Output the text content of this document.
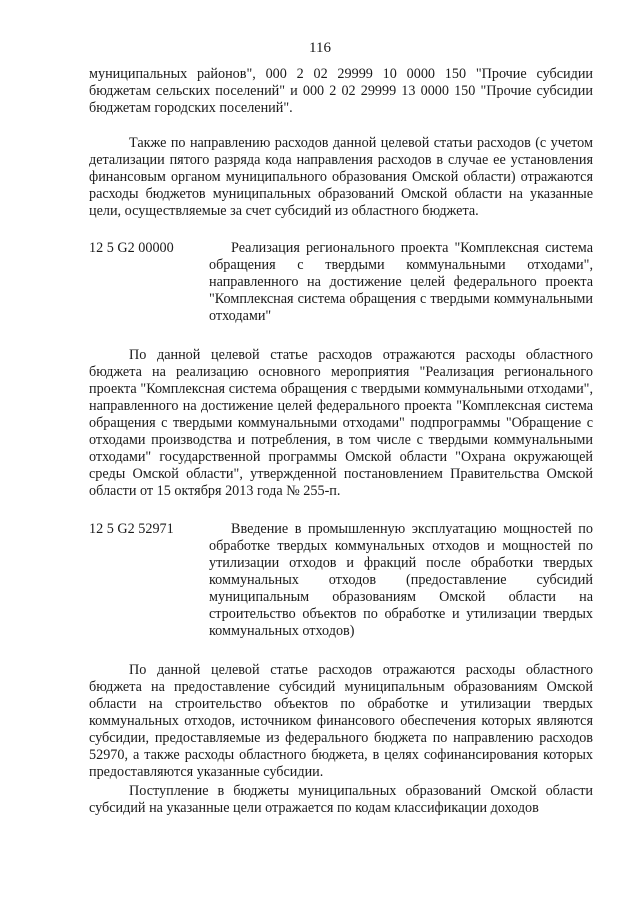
116

муниципальных районов", 000 2 02 29999 10 0000 150 "Прочие субсидии бюджетам сельских поселений" и 000 2 02 29999 13 0000 150 "Прочие субсидии бюджетам городских поселений".

Также по направлению расходов данной целевой статьи расходов (с учетом детализации пятого разряда кода направления расходов в случае ее установления финансовым органом муниципального образования Омской области) отражаются расходы бюджетов муниципальных образований Омской области на указанные цели, осуществляемые за счет субсидий из областного бюджета.

12 5 G2 00000	Реализация регионального проекта "Комплексная система обращения с твердыми коммунальными отходами", направленного на достижение целей федерального проекта "Комплексная система обращения с твердыми коммунальными отходами"

По данной целевой статье расходов отражаются расходы областного бюджета на реализацию основного мероприятия "Реализация регионального проекта "Комплексная система обращения с твердыми коммунальными отходами", направленного на достижение целей федерального проекта "Комплексная система обращения с твердыми коммунальными отходами" подпрограммы "Обращение с отходами производства и потребления, в том числе с твердыми коммунальными отходами" государственной программы Омской области "Охрана окружающей среды Омской области", утвержденной постановлением Правительства Омской области от 15 октября 2013 года № 255-п.

12 5 G2 52971	Введение в промышленную эксплуатацию мощностей по обработке твердых коммунальных отходов и мощностей по утилизации отходов и фракций после обработки твердых коммунальных отходов (предоставление субсидий муниципальным образованиям Омской области на строительство объектов по обработке и утилизации твердых коммунальных отходов)

По данной целевой статье расходов отражаются расходы областного бюджета на предоставление субсидий муниципальным образованиям Омской области на строительство объектов по обработке и утилизации твердых коммунальных отходов, источником финансового обеспечения которых являются субсидии, предоставляемые из федерального бюджета по направлению расходов 52970, а также расходы областного бюджета, в целях софинансирования которых предоставляются указанные субсидии.

Поступление в бюджеты муниципальных образований Омской области субсидий на указанные цели отражается по кодам классификации доходов
